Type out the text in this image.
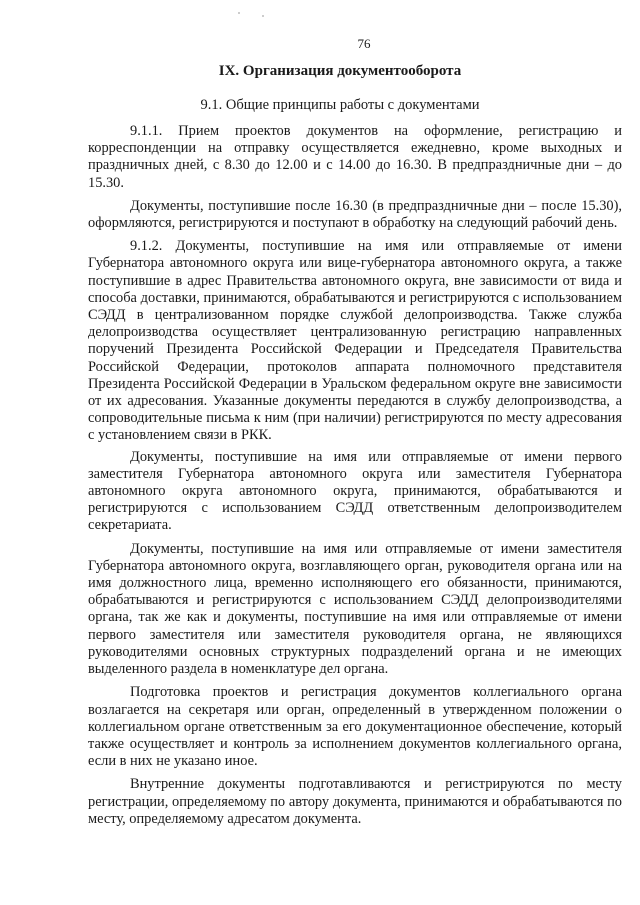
76
IX. Организация документооборота
9.1. Общие принципы работы с документами

9.1.1. Прием проектов документов на оформление, регистрацию и корреспонденции на отправку осуществляется ежедневно, кроме выходных и праздничных дней, с 8.30 до 12.00 и с 14.00 до 16.30. В предпраздничные дни – до 15.30.

Документы, поступившие после 16.30 (в предпраздничные дни – после 15.30), оформляются, регистрируются и поступают в обработку на следующий рабочий день.

9.1.2. Документы, поступившие на имя или отправляемые от имени Губернатора автономного округа или вице-губернатора автономного округа, а также поступившие в адрес Правительства автономного округа, вне зависимости от вида и способа доставки, принимаются, обрабатываются и регистрируются с использованием СЭДД в централизованном порядке службой делопроизводства. Также служба делопроизводства осуществляет централизованную регистрацию направленных поручений Президента Российской Федерации и Председателя Правительства Российской Федерации, протоколов аппарата полномочного представителя Президента Российской Федерации в Уральском федеральном округе вне зависимости от их адресования. Указанные документы передаются в службу делопроизводства, а сопроводительные письма к ним (при наличии) регистрируются по месту адресования с установлением связи в РКК.

Документы, поступившие на имя или отправляемые от имени первого заместителя Губернатора автономного округа или заместителя Губернатора автономного округа автономного округа, принимаются, обрабатываются и регистрируются с использованием СЭДД ответственным делопроизводителем секретариата.

Документы, поступившие на имя или отправляемые от имени заместителя Губернатора автономного округа, возглавляющего орган, руководителя органа или на имя должностного лица, временно исполняющего его обязанности, принимаются, обрабатываются и регистрируются с использованием СЭДД делопроизводителями органа, так же как и документы, поступившие на имя или отправляемые от имени первого заместителя или заместителя руководителя органа, не являющихся руководителями основных структурных подразделений органа и не имеющих выделенного раздела в номенклатуре дел органа.

Подготовка проектов и регистрация документов коллегиального органа возлагается на секретаря или орган, определенный в утвержденном положении о коллегиальном органе ответственным за его документационное обеспечение, который также осуществляет и контроль за исполнением документов коллегиального органа, если в них не указано иное.

Внутренние документы подготавливаются и регистрируются по месту регистрации, определяемому по автору документа, принимаются и обрабатываются по месту, определяемому адресатом документа.
